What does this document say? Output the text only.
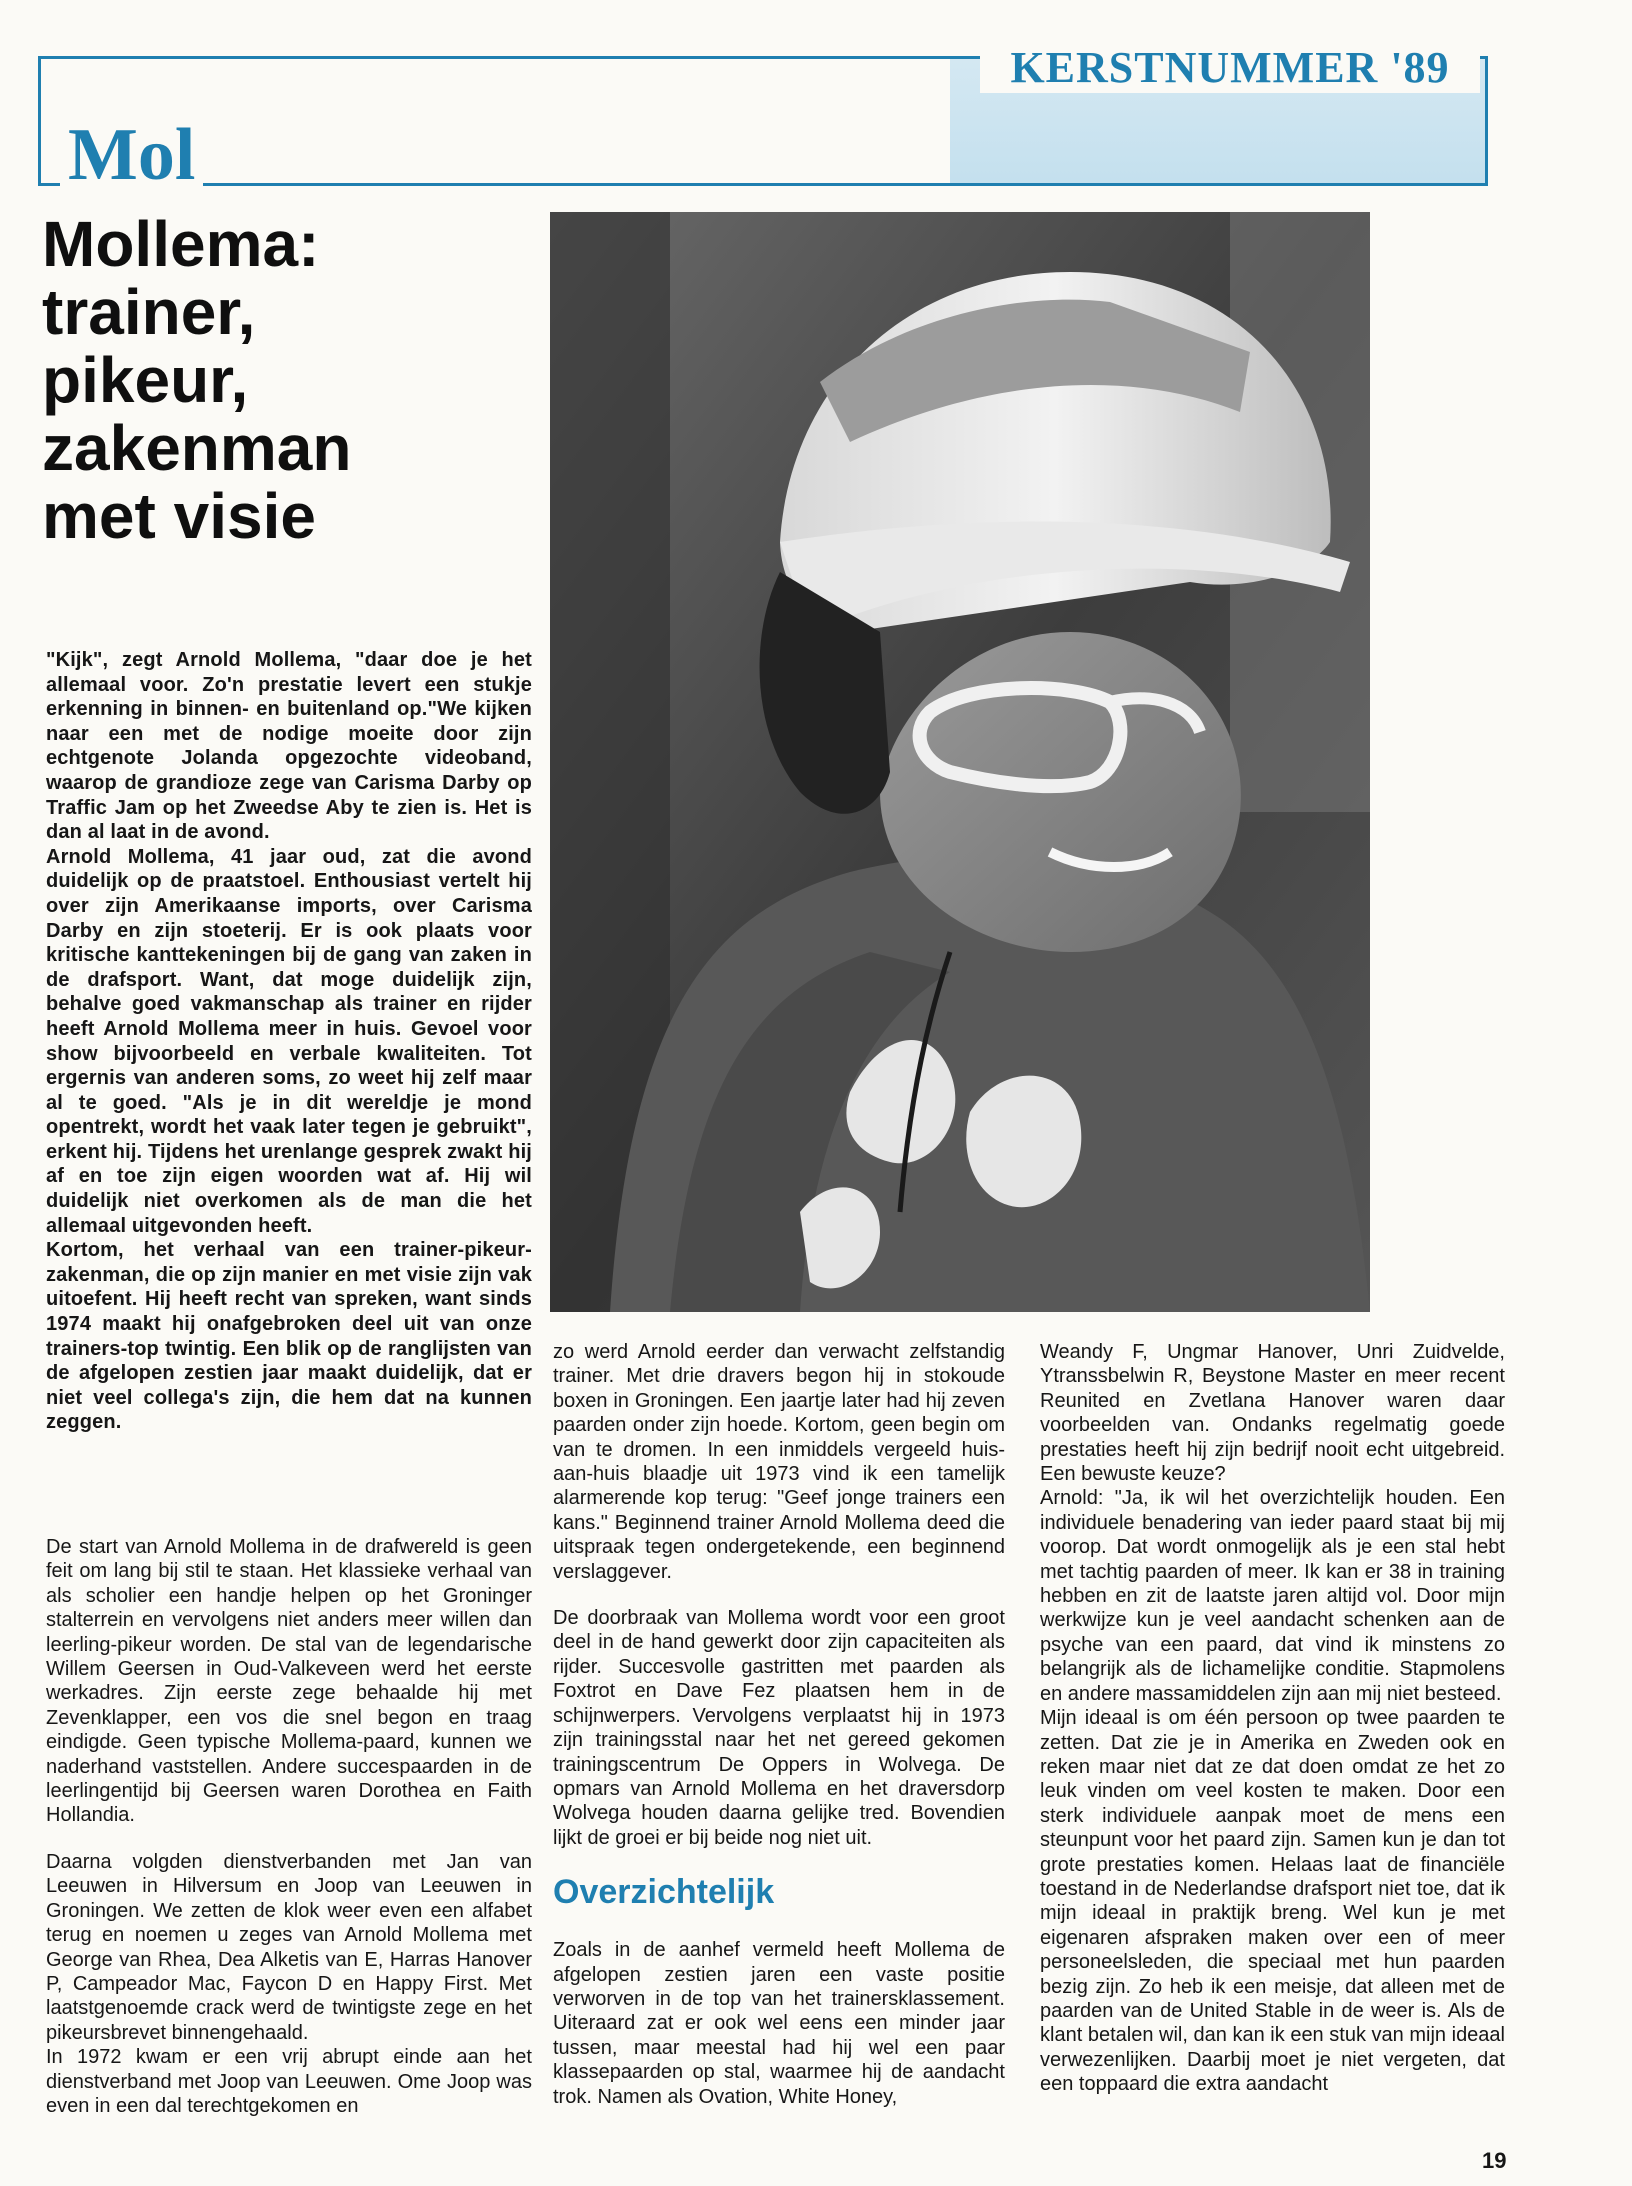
KERSTNUMMER '89
Mol
Mollema:
trainer,
pikeur,
zakenman
met visie

"Kijk", zegt Arnold Mollema, "daar doe je het allemaal voor. Zo'n prestatie levert een stukje erkenning in binnen- en buitenland op."We kijken naar een met de nodige moeite door zijn echtgenote Jolanda opgezochte videoband, waarop de grandioze zege van Carisma Darby op Traffic Jam op het Zweedse Aby te zien is. Het is dan al laat in de avond.

Arnold Mollema, 41 jaar oud, zat die avond duidelijk op de praatstoel. Enthousiast vertelt hij over zijn Amerikaanse imports, over Carisma Darby en zijn stoeterij. Er is ook plaats voor kritische kanttekeningen bij de gang van zaken in de drafsport. Want, dat moge duidelijk zijn, behalve goed vakmanschap als trainer en rijder heeft Arnold Mollema meer in huis. Gevoel voor show bijvoorbeeld en verbale kwaliteiten. Tot ergernis van anderen soms, zo weet hij zelf maar al te goed. "Als je in dit wereldje je mond opentrekt, wordt het vaak later tegen je gebruikt", erkent hij. Tijdens het urenlange gesprek zwakt hij af en toe zijn eigen woorden wat af. Hij wil duidelijk niet overkomen als de man die het allemaal uitgevonden heeft.

Kortom, het verhaal van een trainer-pikeur-zakenman, die op zijn manier en met visie zijn vak uitoefent. Hij heeft recht van spreken, want sinds 1974 maakt hij onafgebroken deel uit van onze trainers-top twintig. Een blik op de ranglijsten van de afgelopen zestien jaar maakt duidelijk, dat er niet veel collega's zijn, die hem dat na kunnen zeggen.

De start van Arnold Mollema in de drafwereld is geen feit om lang bij stil te staan. Het klassieke verhaal van als scholier een handje helpen op het Groninger stalterrein en vervolgens niet anders meer willen dan leerling-pikeur worden. De stal van de legendarische Willem Geersen in Oud-Valkeveen werd het eerste werkadres. Zijn eerste zege behaalde hij met Zevenklapper, een vos die snel begon en traag eindigde. Geen typische Mollema-paard, kunnen we naderhand vaststellen. Andere succespaarden in de leerlingentijd bij Geersen waren Dorothea en Faith Hollandia.

Daarna volgden dienstverbanden met Jan van Leeuwen in Hilversum en Joop van Leeuwen in Groningen. We zetten de klok weer even een alfabet terug en noemen u zeges van Arnold Mollema met George van Rhea, Dea Alketis van E, Harras Hanover P, Campeador Mac, Faycon D en Happy First. Met laatstgenoemde crack werd de twintigste zege en het pikeursbrevet binnengehaald.

In 1972 kwam er een vrij abrupt einde aan het dienstverband met Joop van Leeuwen. Ome Joop was even in een dal terechtgekomen en

zo werd Arnold eerder dan verwacht zelfstandig trainer. Met drie dravers begon hij in stokoude boxen in Groningen. Een jaartje later had hij zeven paarden onder zijn hoede. Kortom, geen begin om van te dromen. In een inmiddels vergeeld huis-aan-huis blaadje uit 1973 vind ik een tamelijk alarmerende kop terug: "Geef jonge trainers een kans." Beginnend trainer Arnold Mollema deed die uitspraak tegen ondergetekende, een beginnend verslaggever.

De doorbraak van Mollema wordt voor een groot deel in de hand gewerkt door zijn capaciteiten als rijder. Succesvolle gastritten met paarden als Foxtrot en Dave Fez plaatsen hem in de schijnwerpers. Vervolgens verplaatst hij in 1973 zijn trainingsstal naar het net gereed gekomen trainingscentrum De Oppers in Wolvega. De opmars van Arnold Mollema en het draversdorp Wolvega houden daarna gelijke tred. Bovendien lijkt de groei er bij beide nog niet uit.

Overzichtelijk

Zoals in de aanhef vermeld heeft Mollema de afgelopen zestien jaren een vaste positie verworven in de top van het trainersklassement. Uiteraard zat er ook wel eens een minder jaar tussen, maar meestal had hij wel een paar klassepaarden op stal, waarmee hij de aandacht trok. Namen als Ovation, White Honey,

Weandy F, Ungmar Hanover, Unri Zuidvelde, Ytranssbelwin R, Beystone Master en meer recent Reunited en Zvetlana Hanover waren daar voorbeelden van. Ondanks regelmatig goede prestaties heeft hij zijn bedrijf nooit echt uitgebreid. Een bewuste keuze?

Arnold: "Ja, ik wil het overzichtelijk houden. Een individuele benadering van ieder paard staat bij mij voorop. Dat wordt onmogelijk als je een stal hebt met tachtig paarden of meer. Ik kan er 38 in training hebben en zit de laatste jaren altijd vol. Door mijn werkwijze kun je veel aandacht schenken aan de psyche van een paard, dat vind ik minstens zo belangrijk als de lichamelijke conditie. Stapmolens en andere massamiddelen zijn aan mij niet besteed.

Mijn ideaal is om één persoon op twee paarden te zetten. Dat zie je in Amerika en Zweden ook en reken maar niet dat ze dat doen omdat ze het zo leuk vinden om veel kosten te maken. Door een sterk individuele aanpak moet de mens een steunpunt voor het paard zijn. Samen kun je dan tot grote prestaties komen. Helaas laat de financiële toestand in de Nederlandse drafsport niet toe, dat ik mijn ideaal in praktijk breng. Wel kun je met eigenaren afspraken maken over een of meer personeelsleden, die speciaal met hun paarden bezig zijn. Zo heb ik een meisje, dat alleen met de paarden van de United Stable in de weer is. Als de klant betalen wil, dan kan ik een stuk van mijn ideaal verwezenlijken. Daarbij moet je niet vergeten, dat een toppaard die extra aandacht

19
